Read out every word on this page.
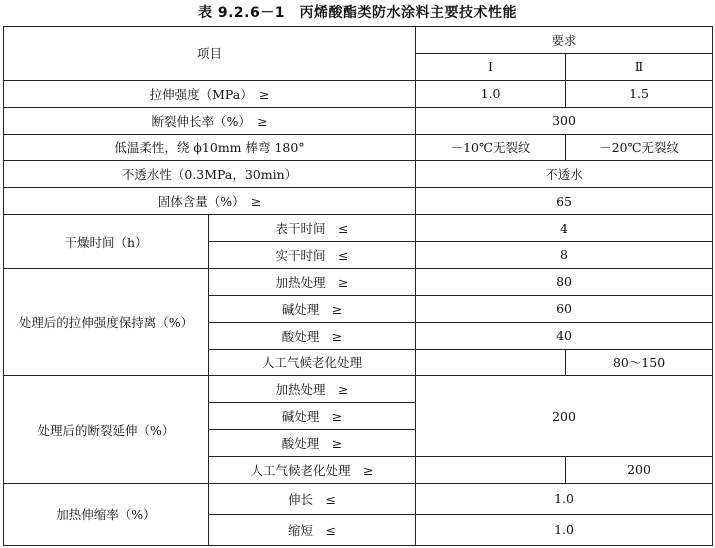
表 9.2.6－1　丙烯酸酯类防水涂料主要技术性能
项目		要求	
		Ⅰ	Ⅱ
拉伸强度（MPa）　≥		1.0	1.5
断裂伸长率（%）　≥		300	
低温柔性，绕 ϕ10mm 棒弯 180°		－10℃无裂纹	－20℃无裂纹
不透水性（0.3MPa，30min）		不透水	
固体含量（%）　≥		65	
干燥时间（h）	表干时间　≤	4	
	实干时间　≤	8	
处理后的拉伸强度保持离（%）	加热处理　≥	80	
	碱处理　≥	60	
	酸处理　≥	40	
	人工气候老化处理		80～150
处理后的断裂延伸（%）	加热处理　≥	200	
	碱处理　≥		
	酸处理　≥		
	人工气候老化处理　≥		200
加热伸缩率（%）	伸长　≤	1.0	
	缩短　≤	1.0	
